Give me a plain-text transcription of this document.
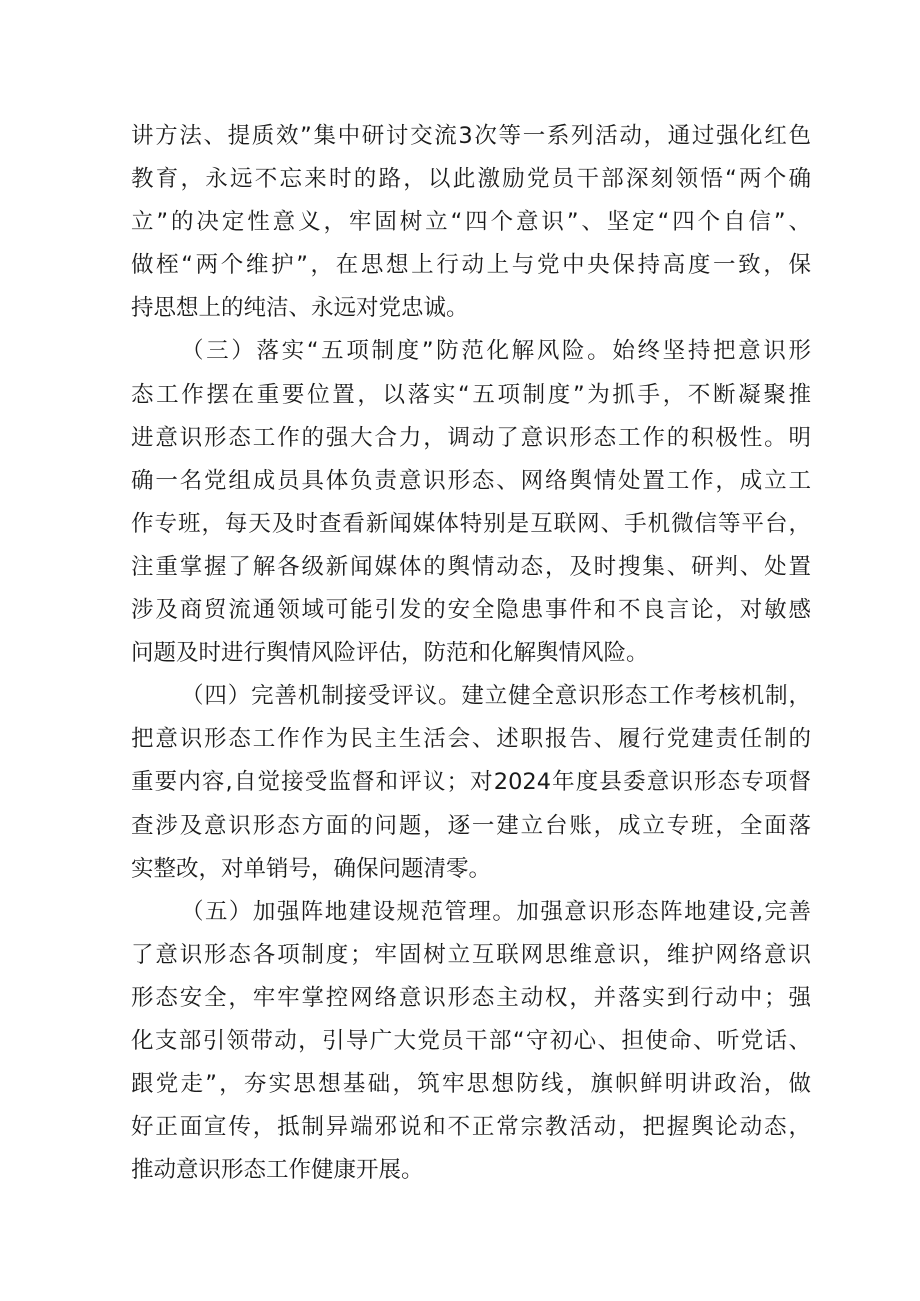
讲方法、提质效”集中研讨交流3次等一系列活动，通过强化红色
教育，永远不忘来时的路，以此激励党员干部深刻领悟“两个确
立”的决定性意义，牢固树立“四个意识”、坚定“四个自信”、
做桎“两个维护”，在思想上行动上与党中央保持高度一致，保
持思想上的纯洁、永远对党忠诚。
（三）落实“五项制度”防范化解风险。始终坚持把意识形
态工作摆在重要位置，以落实“五项制度”为抓手，不断凝聚推
进意识形态工作的强大合力，调动了意识形态工作的积极性。明
确一名党组成员具体负责意识形态、网络舆情处置工作，成立工
作专班，每天及时查看新闻媒体特别是互联网、手机微信等平台，
注重掌握了解各级新闻媒体的舆情动态，及时搜集、研判、处置
涉及商贸流通领域可能引发的安全隐患事件和不良言论，对敏感
问题及时进行舆情风险评估，防范和化解舆情风险。
（四）完善机制接受评议。建立健全意识形态工作考核机制，
把意识形态工作作为民主生活会、述职报告、履行党建责任制的
重要内容,自觉接受监督和评议；对2024年度县委意识形态专项督
查涉及意识形态方面的问题，逐一建立台账，成立专班，全面落
实整改，对单销号，确保问题清零。
（五）加强阵地建设规范管理。加强意识形态阵地建设,完善
了意识形态各项制度；牢固树立互联网思维意识，维护网络意识
形态安全，牢牢掌控网络意识形态主动权，并落实到行动中；强
化支部引领带动，引导广大党员干部“守初心、担使命、听党话、
跟党走”，夯实思想基础，筑牢思想防线，旗帜鲜明讲政治，做
好正面宣传，抵制异端邪说和不正常宗教活动，把握舆论动态，
推动意识形态工作健康开展。
